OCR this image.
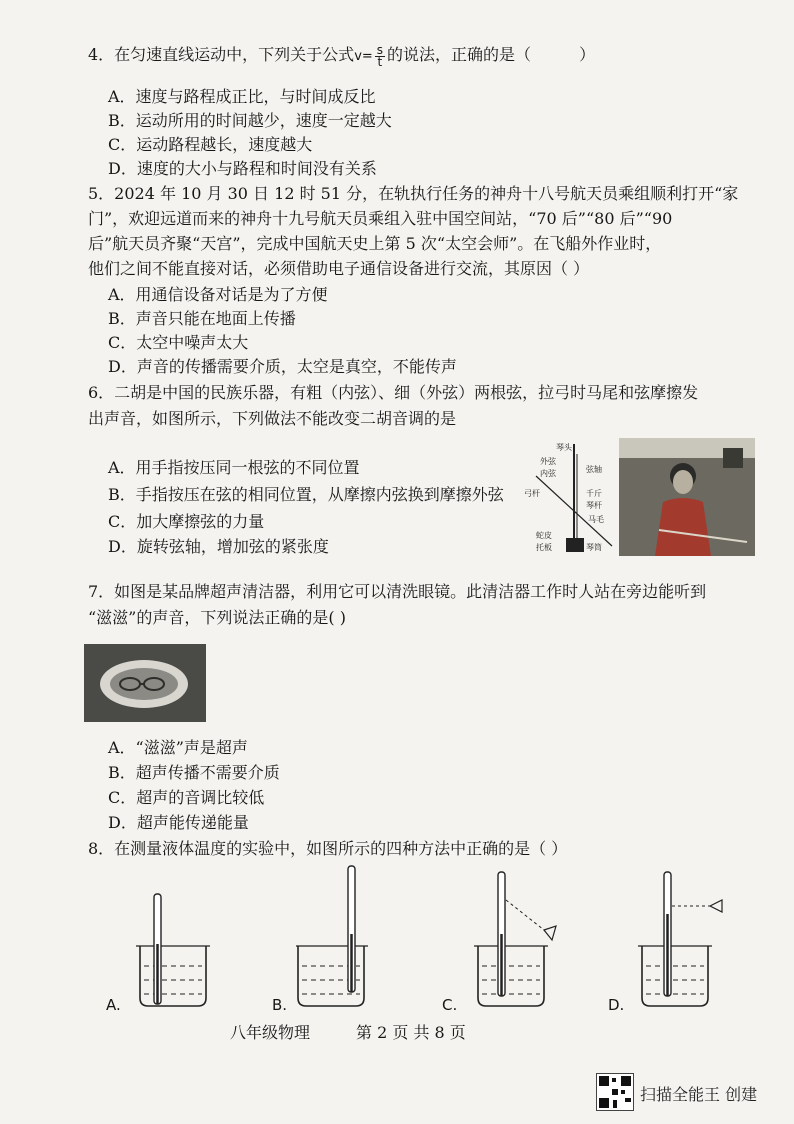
4．在匀速直线运动中，下列关于公式$v= \frac{s}{t}$ 的说法，正确的是（	）
A．速度与路程成正比，与时间成反比
B．运动所用的时间越少，速度一定越大
C．运动路程越长，速度越大
D．速度的大小与路程和时间没有关系
5．2024 年 10 月 30 日 12 时 51 分，在轨执行任务的神舟十八号航天员乘组顺利打开“家
门”，欢迎远道而来的神舟十九号航天员乘组入驻中国空间站，“70 后”“80 后”“90
后”航天员齐聚“天宫”，完成中国航天史上第 5 次“太空会师”。在飞船外作业时，
他们之间不能直接对话，必须借助电子通信设备进行交流，其原因（ ）
A．用通信设备对话是为了方便
B．声音只能在地面上传播
C．太空中噪声太大
D．声音的传播需要介质，太空是真空，不能传声
6．二胡是中国的民族乐器，有粗（内弦）、细（外弦）两根弦，拉弓时马尾和弦摩擦发
出声音，如图所示，下列做法不能改变二胡音调的是
A．用手指按压同一根弦的不同位置
B．手指按压在弦的相同位置，从摩擦内弦换到摩擦外弦
C．加大摩擦弦的力量
D．旋转弦轴，增加弦的紧张度
琴头
外弦
内弦	弦轴
弓杆	千斤
琴杆
马毛
蛇皮
托板	琴筒
7．如图是某品牌超声清洁器，利用它可以清洗眼镜。此清洁器工作时人站在旁边能听到
“滋滋”的声音，下列说法正确的是( )
A．“滋滋”声是超声
B．超声传播不需要介质
C．超声的音调比较低
D．超声能传递能量
8．在测量液体温度的实验中，如图所示的四种方法中正确的是（ ）
A.	B.	C.	D.
八年级物理	第 2 页 共 8 页
扫描全能王 创建
